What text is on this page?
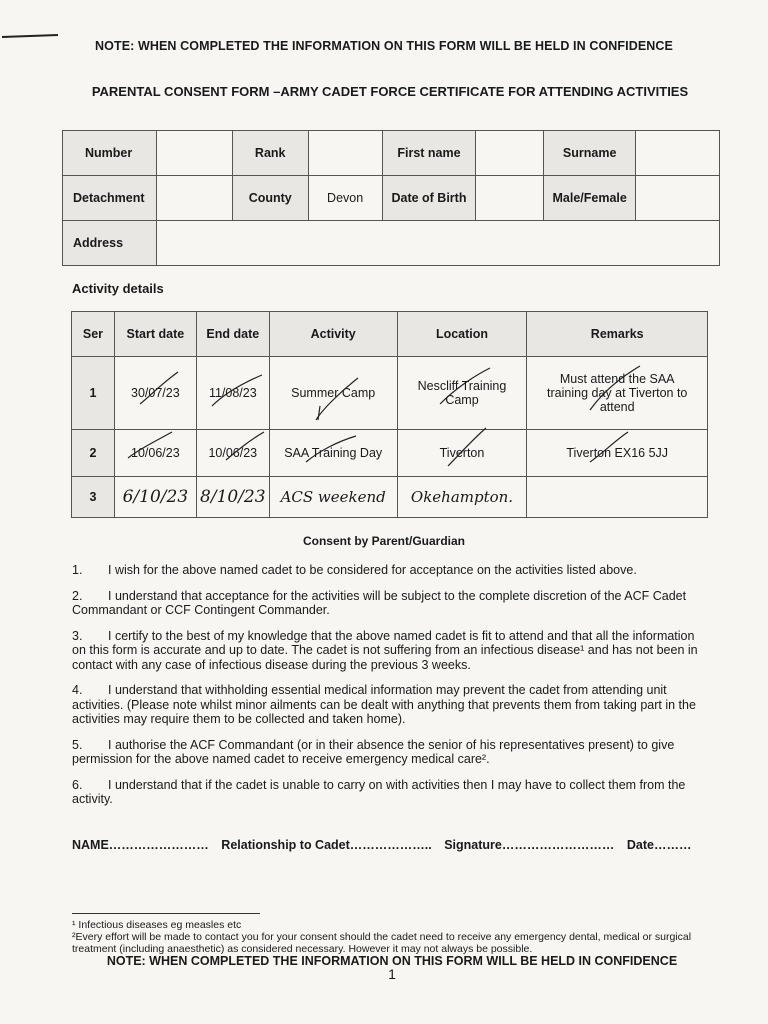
NOTE: WHEN COMPLETED THE INFORMATION ON THIS FORM WILL BE HELD IN CONFIDENCE
PARENTAL CONSENT FORM –ARMY CADET FORCE CERTIFICATE FOR ATTENDING ACTIVITIES
Number		Rank		First name		Surname	
Detachment		County	Devon	Date of Birth		Male/Female	
Address							
Activity details
Ser	Start date	End date	Activity	Location	Remarks
1	30/07/23	11/08/23	Summer Camp	Nescliff Training Camp	Must attend the SAA training day at Tiverton to attend
2	10/06/23	10/06/23	SAA Training Day	Tiverton	Tiverton EX16 5JJ
3	6/10/23	8/10/23	ACS weekend	Okehampton.	
Consent by Parent/Guardian
1. I wish for the above named cadet to be considered for acceptance on the activities listed above.
2. I understand that acceptance for the activities will be subject to the complete discretion of the ACF Cadet Commandant or CCF Contingent Commander.
3. I certify to the best of my knowledge that the above named cadet is fit to attend and that all the information on this form is accurate and up to date. The cadet is not suffering from an infectious disease¹ and has not been in contact with any case of infectious disease during the previous 3 weeks.
4. I understand that withholding essential medical information may prevent the cadet from attending unit activities. (Please note whilst minor ailments can be dealt with anything that prevents them from taking part in the activities may require them to be collected and taken home).
5. I authorise the ACF Commandant (or in their absence the senior of his representatives present) to give permission for the above named cadet to receive emergency medical care².
6. I understand that if the cadet is unable to carry on with activities then I may have to collect them from the activity.
NAME…………………… Relationship to Cadet……………….. Signature……………………… Date………
¹ Infectious diseases eg measles etc
²Every effort will be made to contact you for your consent should the cadet need to receive any emergency dental, medical or surgical treatment (including anaesthetic) as considered necessary. However it may not always be possible.
NOTE: WHEN COMPLETED THE INFORMATION ON THIS FORM WILL BE HELD IN CONFIDENCE
1
